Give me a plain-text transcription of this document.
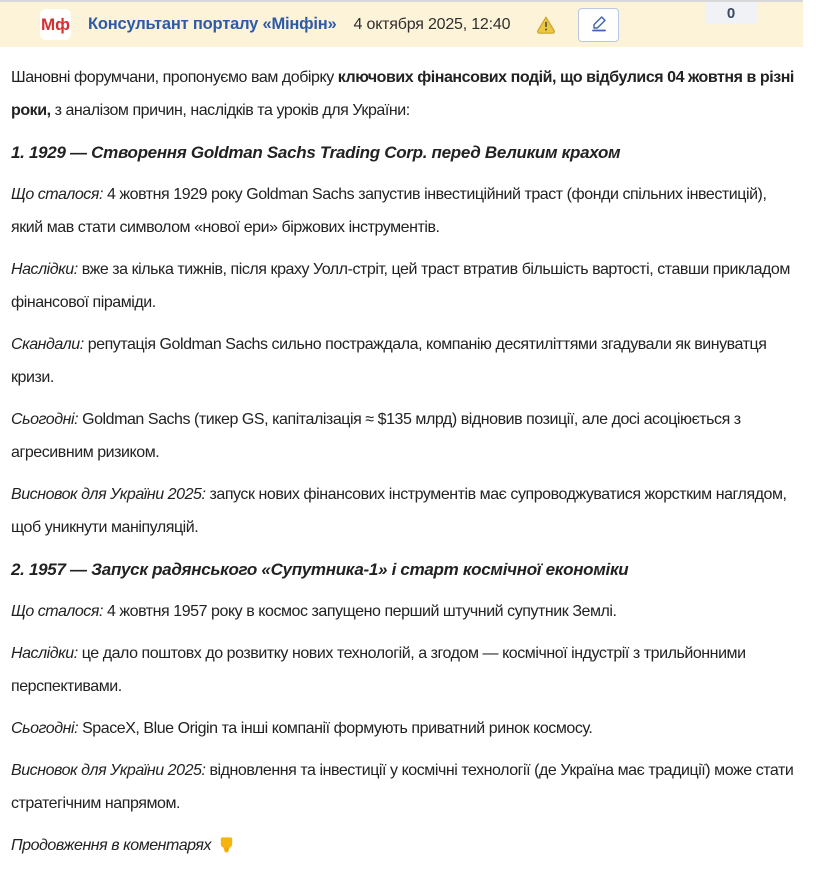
Мф Консультант порталу «Мінфін» 4 октября 2025, 12:40
0

Шановні форумчани, пропонуємо вам добірку ключових фінансових подій, що відбулися 04 жовтня в різні роки, з аналізом причин, наслідків та уроків для України:

1. 1929 — Створення Goldman Sachs Trading Corp. перед Великим крахом

Що сталося: 4 жовтня 1929 року Goldman Sachs запустив інвестиційний траст (фонди спільних інвестицій), який мав стати символом «нової ери» біржових інструментів.

Наслідки: вже за кілька тижнів, після краху Уолл-стріт, цей траст втратив більшість вартості, ставши прикладом фінансової піраміди.

Скандали: репутація Goldman Sachs сильно постраждала, компанію десятиліттями згадували як винуватця кризи.

Сьогодні: Goldman Sachs (тикер GS, капіталізація ≈ $135 млрд) відновив позиції, але досі асоціюється з агресивним ризиком.

Висновок для України 2025: запуск нових фінансових інструментів має супроводжуватися жорстким наглядом, щоб уникнути маніпуляцій.

2. 1957 — Запуск радянського «Супутника-1» і старт космічної економіки

Що сталося: 4 жовтня 1957 року в космос запущено перший штучний супутник Землі.

Наслідки: це дало поштовх до розвитку нових технологій, а згодом — космічної індустрії з трильйонними перспективами.

Сьогодні: SpaceX, Blue Origin та інші компанії формують приватний ринок космосу.

Висновок для України 2025: відновлення та інвестиції у космічні технології (де Україна має традиції) може стати стратегічним напрямом.

Продовження в коментарях
